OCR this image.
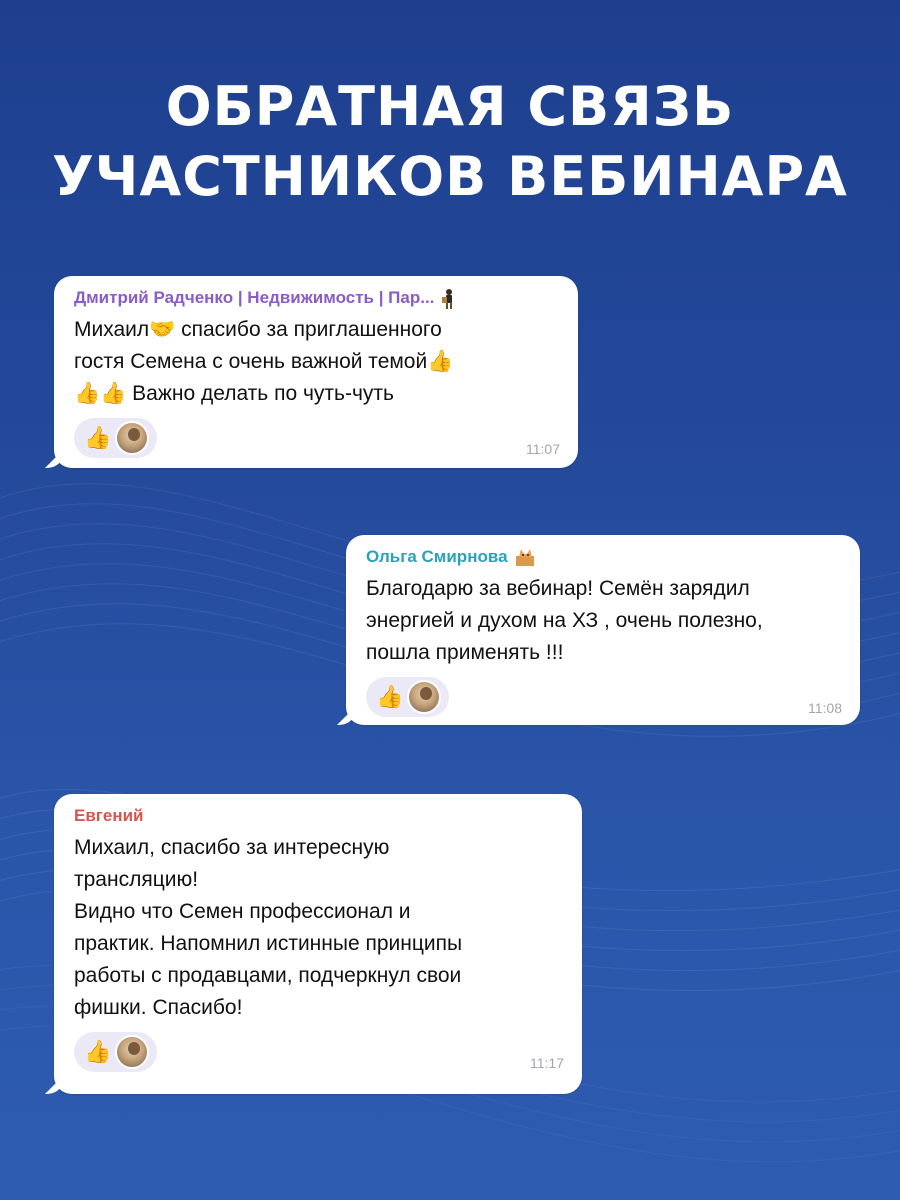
ОБРАТНАЯ СВЯЗЬ
УЧАСТНИКОВ ВЕБИНАРА
Дмитрий Радченко | Недвижимость | Пар...
Михаил🤝 спасибо за приглашенного
гостя Семена с очень важной темой👍
👍👍 Важно делать по чуть-чуть
👍	11:07
Ольга Смирнова
Благодарю за вебинар! Семён зарядил
энергией и духом на ХЗ , очень полезно,
пошла применять !!!
👍	11:08
Евгений
Михаил, спасибо за интересную
трансляцию!
Видно что Семен профессионал и
практик. Напомнил истинные принципы
работы с продавцами, подчеркнул свои
фишки. Спасибо!
👍	11:17
